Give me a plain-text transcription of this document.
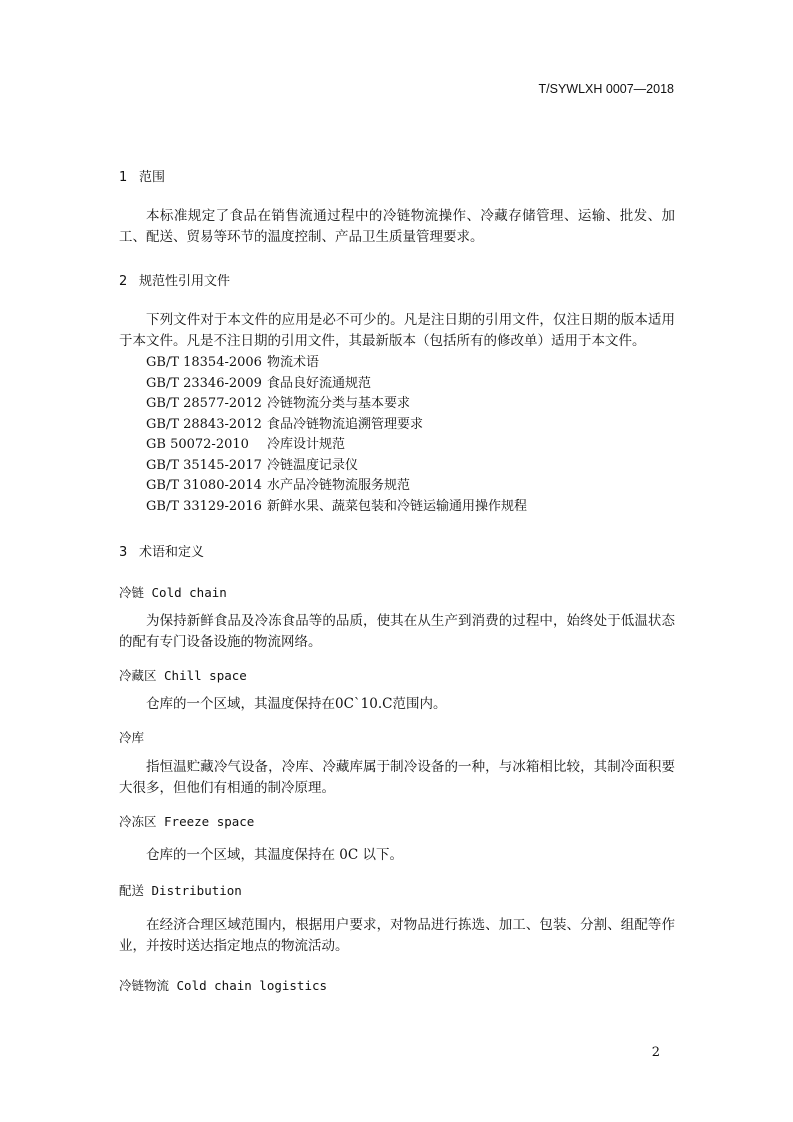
T/SYWLXH 0007—2018
1 范围
本标准规定了食品在销售流通过程中的冷链物流操作、冷藏存储管理、运输、批发、加工、配送、贸易等环节的温度控制、产品卫生质量管理要求。
2 规范性引用文件
下列文件对于本文件的应用是必不可少的。凡是注日期的引用文件，仅注日期的版本适用于本文件。凡是不注日期的引用文件，其最新版本（包括所有的修改单）适用于本文件。
GB/T 18354-2006 物流术语
GB/T 23346-2009 食品良好流通规范
GB/T 28577-2012 冷链物流分类与基本要求
GB/T 28843-2012 食品冷链物流追溯管理要求
GB 50072-2010 冷库设计规范
GB/T 35145-2017 冷链温度记录仪
GB/T 31080-2014 水产品冷链物流服务规范
GB/T 33129-2016 新鲜水果、蔬菜包装和冷链运输通用操作规程
3 术语和定义
冷链 Cold chain
为保持新鲜食品及冷冻食品等的品质，使其在从生产到消费的过程中，始终处于低温状态的配有专门设备设施的物流网络。
冷藏区 Chill space
仓库的一个区域，其温度保持在0C`10.C范围内。
冷库
指恒温贮藏冷气设备，冷库、冷藏库属于制冷设备的一种，与冰箱相比较，其制冷面积要大很多，但他们有相通的制冷原理。
冷冻区 Freeze space
仓库的一个区域，其温度保持在 0C 以下。
配送 Distribution
在经济合理区域范围内，根据用户要求，对物品进行拣选、加工、包装、分割、组配等作业，并按时送达指定地点的物流活动。
冷链物流 Cold chain logistics
2
